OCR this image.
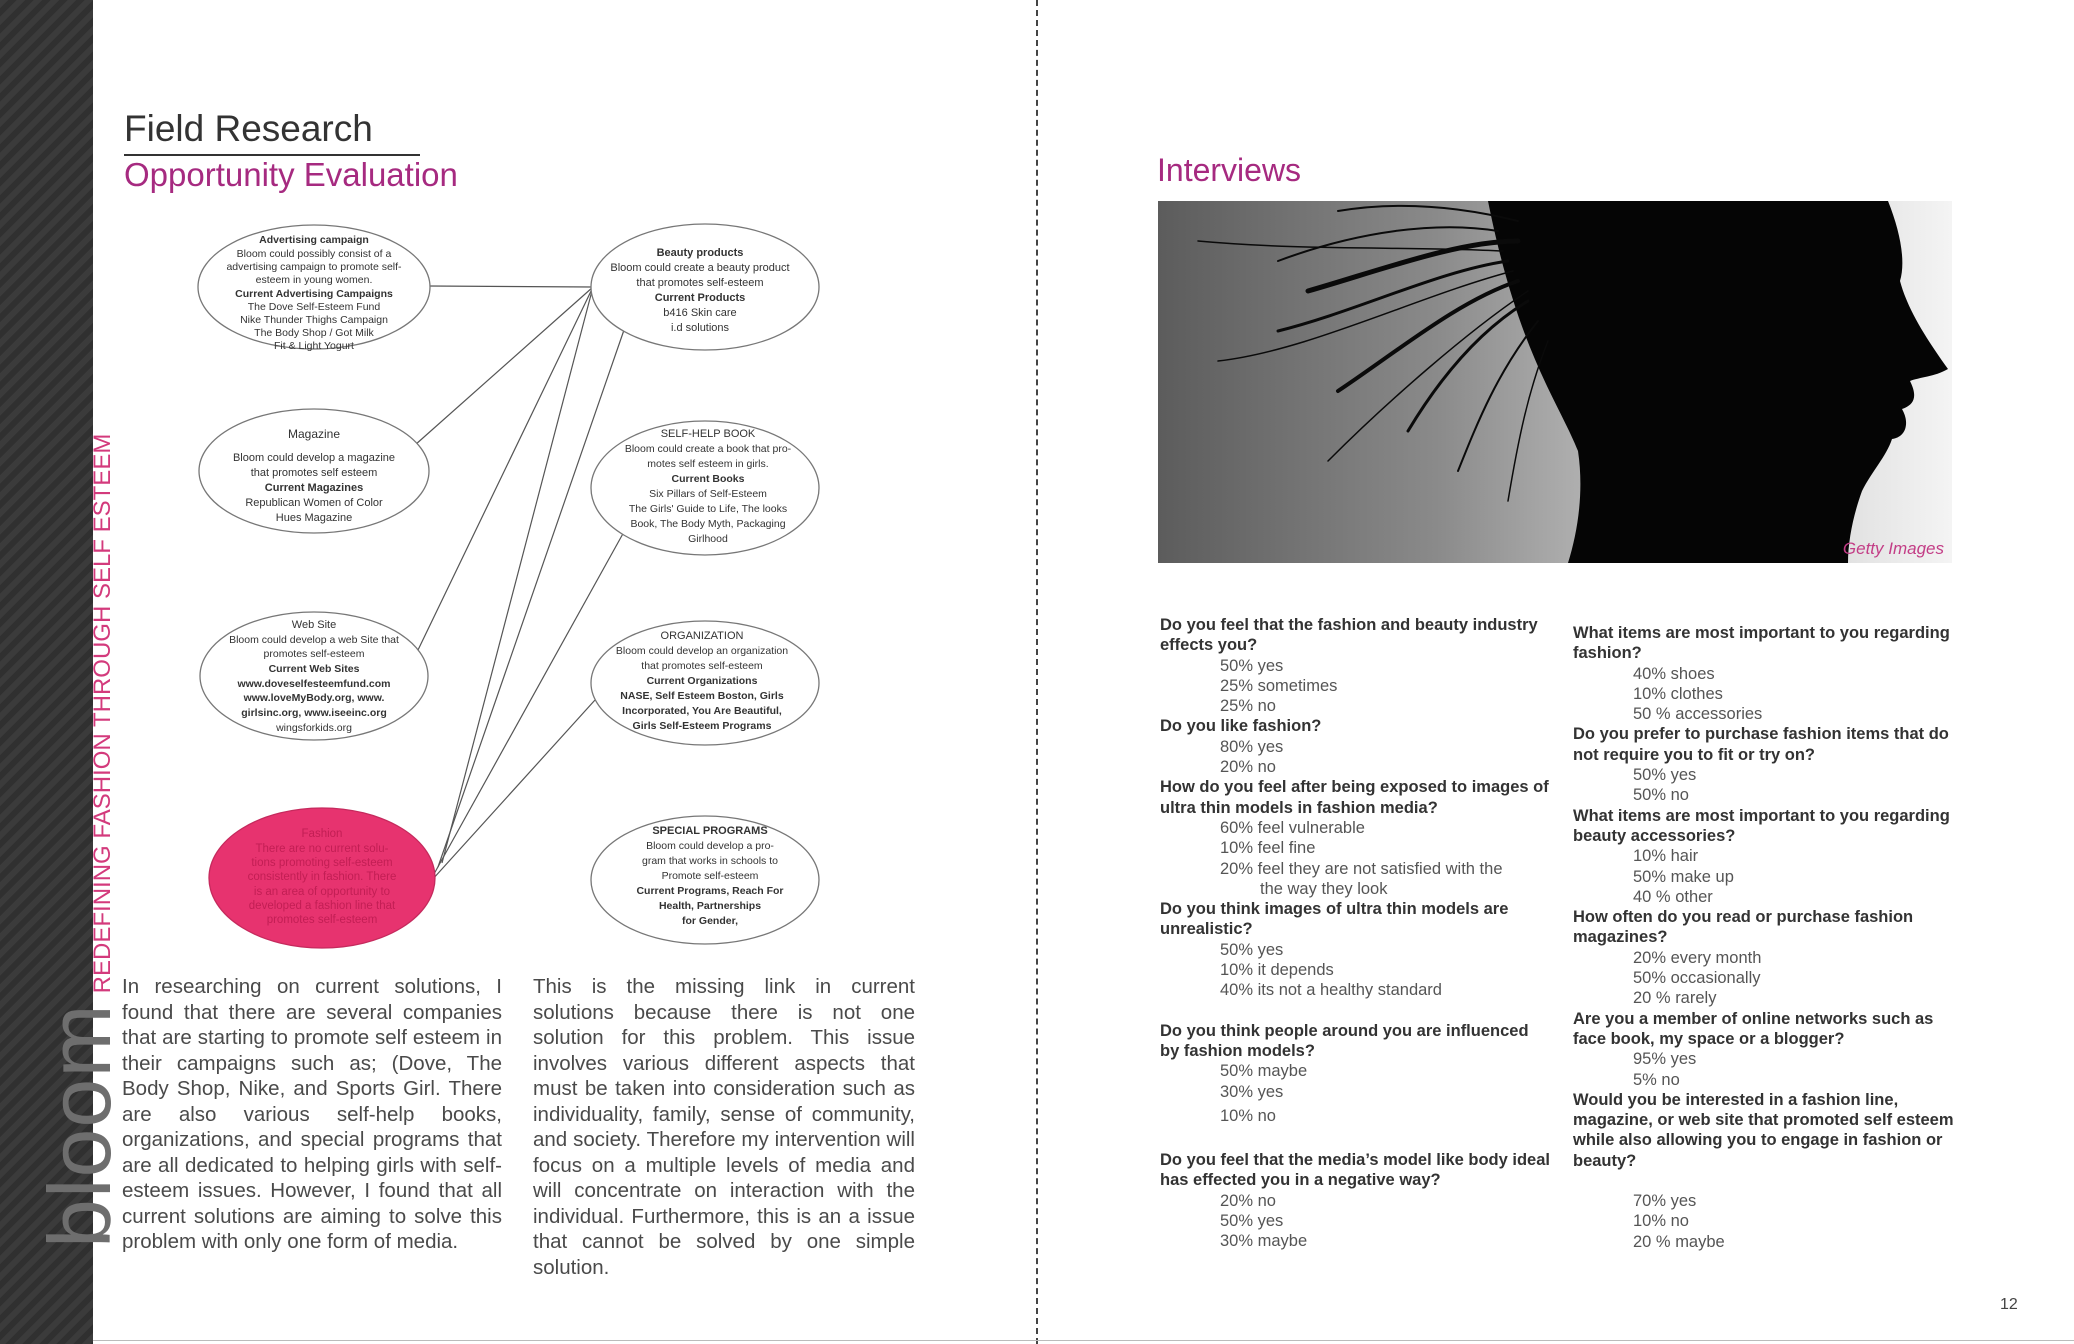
bloom
REDEFINING FASHION THROUGH SELF ESTEEM
Field Research
Opportunity Evaluation
Advertising campaign
Bloom could possibly consist of a
advertising campaign to promote self-
esteem in young women.
Current Advertising Campaigns
The Dove Self-Esteem Fund
Nike Thunder Thighs Campaign
The Body Shop / Got Milk
Fit & Light Yogurt
Magazine
Bloom could develop a magazine
that promotes self esteem
Current Magazines
Republican Women of Color
Hues Magazine
Web Site
Bloom could develop a web Site that
promotes self-esteem
Current Web Sites
www.doveselfesteemfund.com
www.loveMyBody.org, www.
girlsinc.org, www.iseeinc.org
wingsforkids.org
Fashion
There are no current solu-
tions promoting self-esteem
consistently in fashion. There
is an area of opportunity to
developed a fashion line that
promotes self-esteem
Beauty products
Bloom could create a beauty product
that promotes self-esteem
Current Products
b416 Skin care
i.d solutions
SELF-HELP BOOK
Bloom could create a book that pro-
motes self esteem in girls.
Current Books
Six Pillars of Self-Esteem
The Girls' Guide to Life, The looks
Book, The Body Myth, Packaging
Girlhood
ORGANIZATION
Bloom could develop an organization
that promotes self-esteem
Current Organizations
NASE, Self Esteem Boston, Girls
Incorporated, You Are Beautiful,
Girls Self-Esteem Programs
SPECIAL PROGRAMS
Bloom could develop a pro-
gram that works in schools to
Promote self-esteem
Current Programs, Reach For
Health, Partnerships
for Gender,
In researching on current solutions, I found that there are several companies that are starting to promote self esteem in their campaigns such as; (Dove, The Body Shop, Nike, and Sports Girl. There are also various self-help books, organizations, and special programs that are all dedicated to helping girls with self-esteem issues. However, I found that all current solutions are aiming to solve this problem with only one form of media.
This is the missing link in current solutions because there is not one solution for this problem. This issue involves various different aspects that must be taken into consideration such as individuality, family, sense of community, and society. Therefore my intervention will focus on a multiple levels of media and will concentrate on interaction with the individual. Furthermore, this is an a issue that cannot be solved by one simple solution.
Interviews
Getty Images
Do you feel that the fashion and beauty industry effects you?
50% yes
25% sometimes
25% no
Do you like fashion?
80% yes
20% no
How do you feel after being exposed to images of ultra thin models in fashion media?
60% feel vulnerable
10% feel fine
20% feel they are not satisfied with the
the way they look
Do you think images of ultra thin models are unrealistic?
50% yes
10% it depends
40% its not a healthy standard
Do you think people around you are influenced by fashion models?
50% maybe
30% yes
10% no
Do you feel that the media’s model like body ideal has effected you in a negative way?
20% no
50% yes
30% maybe
What items are most important to you regarding fashion?
40% shoes
10% clothes
50 % accessories
Do you prefer to purchase fashion items that do not require you to fit or try on?
50% yes
50% no
What items are most important to you regarding beauty accessories?
10% hair
50% make up
40 % other
How often do you read or purchase fashion magazines?
20% every month
50% occasionally
20 % rarely
Are you a member of online networks such as face book, my space or a blogger?
95% yes
5% no
Would you be interested in a fashion line, magazine, or web site that promoted self esteem while also allowing you to engage in fashion or beauty?
70% yes
10% no
20 % maybe
12
